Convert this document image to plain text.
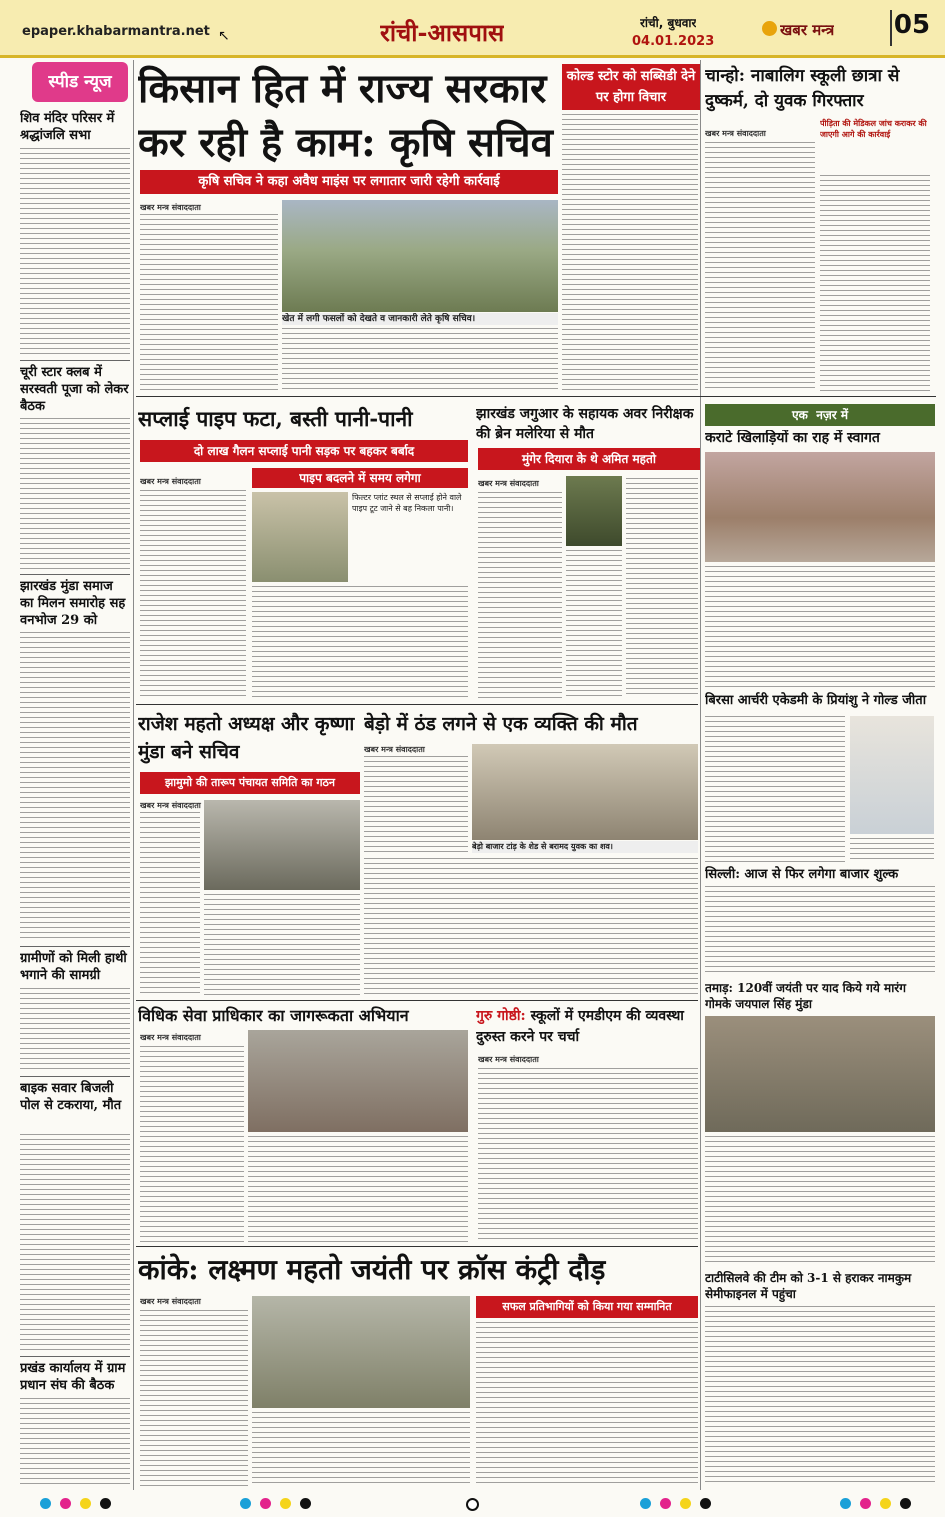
epaper.khabarmantra.net ↖	रांची-आसपास	रांची, बुधवार
04.01.2023
खबर मन्त्र 05
स्पीड न्यूज
शिव मंदिर परिसर में श्रद्धांजलि सभा
चूरी स्टार क्लब में सरस्वती पूजा को लेकर बैठक
झारखंड मुंडा समाज का मिलन समारोह सह वनभोज 29 को
ग्रामीणों को मिली हाथी भगाने की सामग्री
बाइक सवार बिजली पोल से टकराया, मौत
प्रखंड कार्यालय में ग्राम प्रधान संघ की बैठक
किसान हित में राज्य सरकार कर रही है काम: कृषि सचिव
कृषि सचिव ने कहा अवैध माइंस पर लगातार जारी रहेगी कार्रवाई
खबर मन्त्र संवाददाता
खेत में लगी फसलों को देखते व जानकारी लेते कृषि सचिव।
कोल्ड स्टोर को सब्सिडी देने पर होगा विचार
चान्हो: नाबालिग स्कूली छात्रा से दुष्कर्म, दो युवक गिरफ्तार
खबर मन्त्र संवाददाता
पीड़िता की मेडिकल जांच कराकर की जाएगी आगे की कार्रवाई
सप्लाई पाइप फटा, बस्ती पानी-पानी
दो लाख गैलन सप्लाई पानी सड़क पर बहकर बर्बाद
पाइप बदलने में समय लगेगा
खबर मन्त्र संवाददाता
फिल्टर प्लांट स्थल से सप्लाई होने वाले पाइप टूट जाने से बह निकला पानी।
झारखंड जगुआर के सहायक अवर निरीक्षक की ब्रेन मलेरिया से मौत
मुंगेर दियारा के थे अमित महतो
खबर मन्त्र संवाददाता
एक नज़र में
कराटे खिलाड़ियों का राह में स्वागत
बिरसा आर्चरी एकेडमी के प्रियांशु ने गोल्ड जीता
सिल्ली: आज से फिर लगेगा बाजार शुल्क
तमाड़: 120वीं जयंती पर याद किये गये मारंग गोमके जयपाल सिंह मुंडा
टाटीसिलवे की टीम को 3-1 से हराकर नामकुम सेमीफाइनल में पहुंचा
राजेश महतो अध्यक्ष और कृष्णा मुंडा बने सचिव
झामुमो की तारूप पंचायत समिति का गठन
खबर मन्त्र संवाददाता
बेड़ो में ठंड लगने से एक व्यक्ति की मौत
खबर मन्त्र संवाददाता
बेड़ो बाजार टांड़ के शेड से बरामद युवक का शव।
विधिक सेवा प्राधिकार का जागरूकता अभियान
खबर मन्त्र संवाददाता
गुरु गोष्ठी: स्कूलों में एमडीएम की व्यवस्था दुरुस्त करने पर चर्चा
खबर मन्त्र संवाददाता
कांके: लक्ष्मण महतो जयंती पर क्रॉस कंट्री दौड़
खबर मन्त्र संवाददाता	सफल प्रतिभागियों को किया गया सम्मानित
